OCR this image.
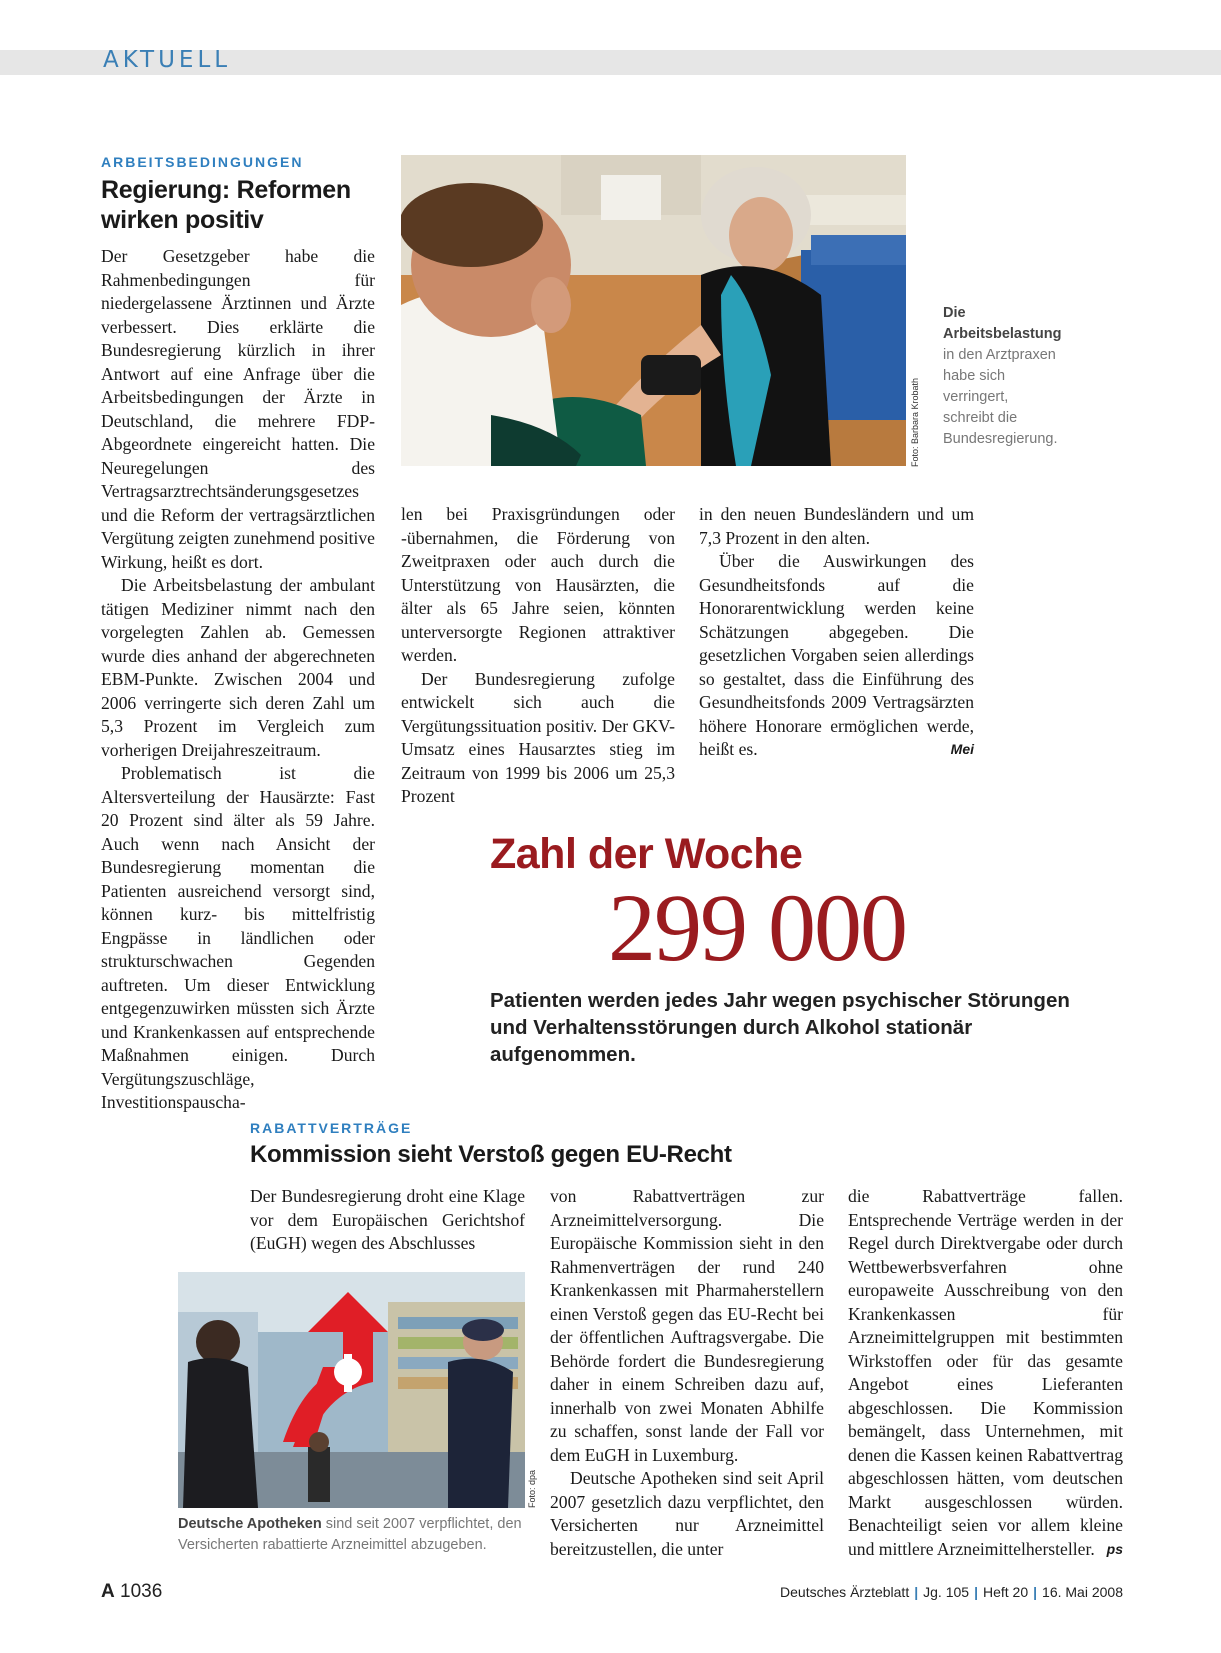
AKTUELL
ARBEITSBEDINGUNGEN
Regierung: Reformen wirken positiv

Der Gesetzgeber habe die Rahmenbedingungen für niedergelassene Ärztinnen und Ärzte verbessert. Dies erklärte die Bundesregierung kürzlich in ihrer Antwort auf eine Anfrage über die Arbeitsbedingungen der Ärzte in Deutschland, die mehrere FDP-Abgeordnete eingereicht hatten. Die Neuregelungen des Vertragsarztrechtsänderungsgesetzes und die Reform der vertragsärztlichen Vergütung zeigten zunehmend positive Wirkung, heißt es dort.

Die Arbeitsbelastung der ambulant tätigen Mediziner nimmt nach den vorgelegten Zahlen ab. Gemessen wurde dies anhand der abgerechneten EBM-Punkte. Zwischen 2004 und 2006 verringerte sich deren Zahl um 5,3 Prozent im Vergleich zum vorherigen Dreijahreszeitraum.

Problematisch ist die Altersverteilung der Hausärzte: Fast 20 Prozent sind älter als 59 Jahre. Auch wenn nach Ansicht der Bundesregierung momentan die Patienten ausreichend versorgt sind, können kurz- bis mittelfristig Engpässe in ländlichen oder strukturschwachen Gegenden auftreten. Um dieser Entwicklung entgegenzuwirken müssten sich Ärzte und Krankenkassen auf entsprechende Maßnahmen einigen. Durch Vergütungszuschläge, Investitionspauscha-

Foto: Barbara Krobath
Die Arbeitsbelastung in den Arztpraxen habe sich verringert, schreibt die Bundesregierung.

len bei Praxisgründungen oder -übernahmen, die Förderung von Zweitpraxen oder auch durch die Unterstützung von Hausärzten, die älter als 65 Jahre seien, könnten unterversorgte Regionen attraktiver werden.

Der Bundesregierung zufolge entwickelt sich auch die Vergütungssituation positiv. Der GKV-Umsatz eines Hausarztes stieg im Zeitraum von 1999 bis 2006 um 25,3 Prozent

in den neuen Bundesländern und um 7,3 Prozent in den alten.

Über die Auswirkungen des Gesundheitsfonds auf die Honorarentwicklung werden keine Schätzungen abgegeben. Die gesetzlichen Vorgaben seien allerdings so gestaltet, dass die Einführung des Gesundheitsfonds 2009 Vertragsärzten höhere Honorare ermöglichen werde, heißt es.	Mei

Zahl der Woche
299 000
Patienten werden jedes Jahr wegen psychischer Störungen und Verhaltensstörungen durch Alkohol stationär aufgenommen.
RABATTVERTRÄGE
Kommission sieht Verstoß gegen EU-Recht

Der Bundesregierung droht eine Klage vor dem Europäischen Gerichtshof (EuGH) wegen des Abschlusses

Foto: dpa
Deutsche Apotheken sind seit 2007 verpflichtet, den Versicherten rabattierte Arzneimittel abzugeben.

von Rabattverträgen zur Arzneimittelversorgung. Die Europäische Kommission sieht in den Rahmenverträgen der rund 240 Krankenkassen mit Pharmaherstellern einen Verstoß gegen das EU-Recht bei der öffentlichen Auftragsvergabe. Die Behörde fordert die Bundesregierung daher in einem Schreiben dazu auf, innerhalb von zwei Monaten Abhilfe zu schaffen, sonst lande der Fall vor dem EuGH in Luxemburg.

Deutsche Apotheken sind seit April 2007 gesetzlich dazu verpflichtet, den Versicherten nur Arzneimittel bereitzustellen, die unter

die Rabattverträge fallen. Entsprechende Verträge werden in der Regel durch Direktvergabe oder durch Wettbewerbsverfahren ohne europaweite Ausschreibung von den Krankenkassen für Arzneimittelgruppen mit bestimmten Wirkstoffen oder für das gesamte Angebot eines Lieferanten abgeschlossen. Die Kommission bemängelt, dass Unternehmen, mit denen die Kassen keinen Rabattvertrag abgeschlossen hätten, vom deutschen Markt ausgeschlossen würden. Benachteiligt seien vor allem kleine und mittlere Arzneimittelhersteller. ps

A 1036	Deutsches Ärzteblatt | Jg. 105 | Heft 20 | 16. Mai 2008
